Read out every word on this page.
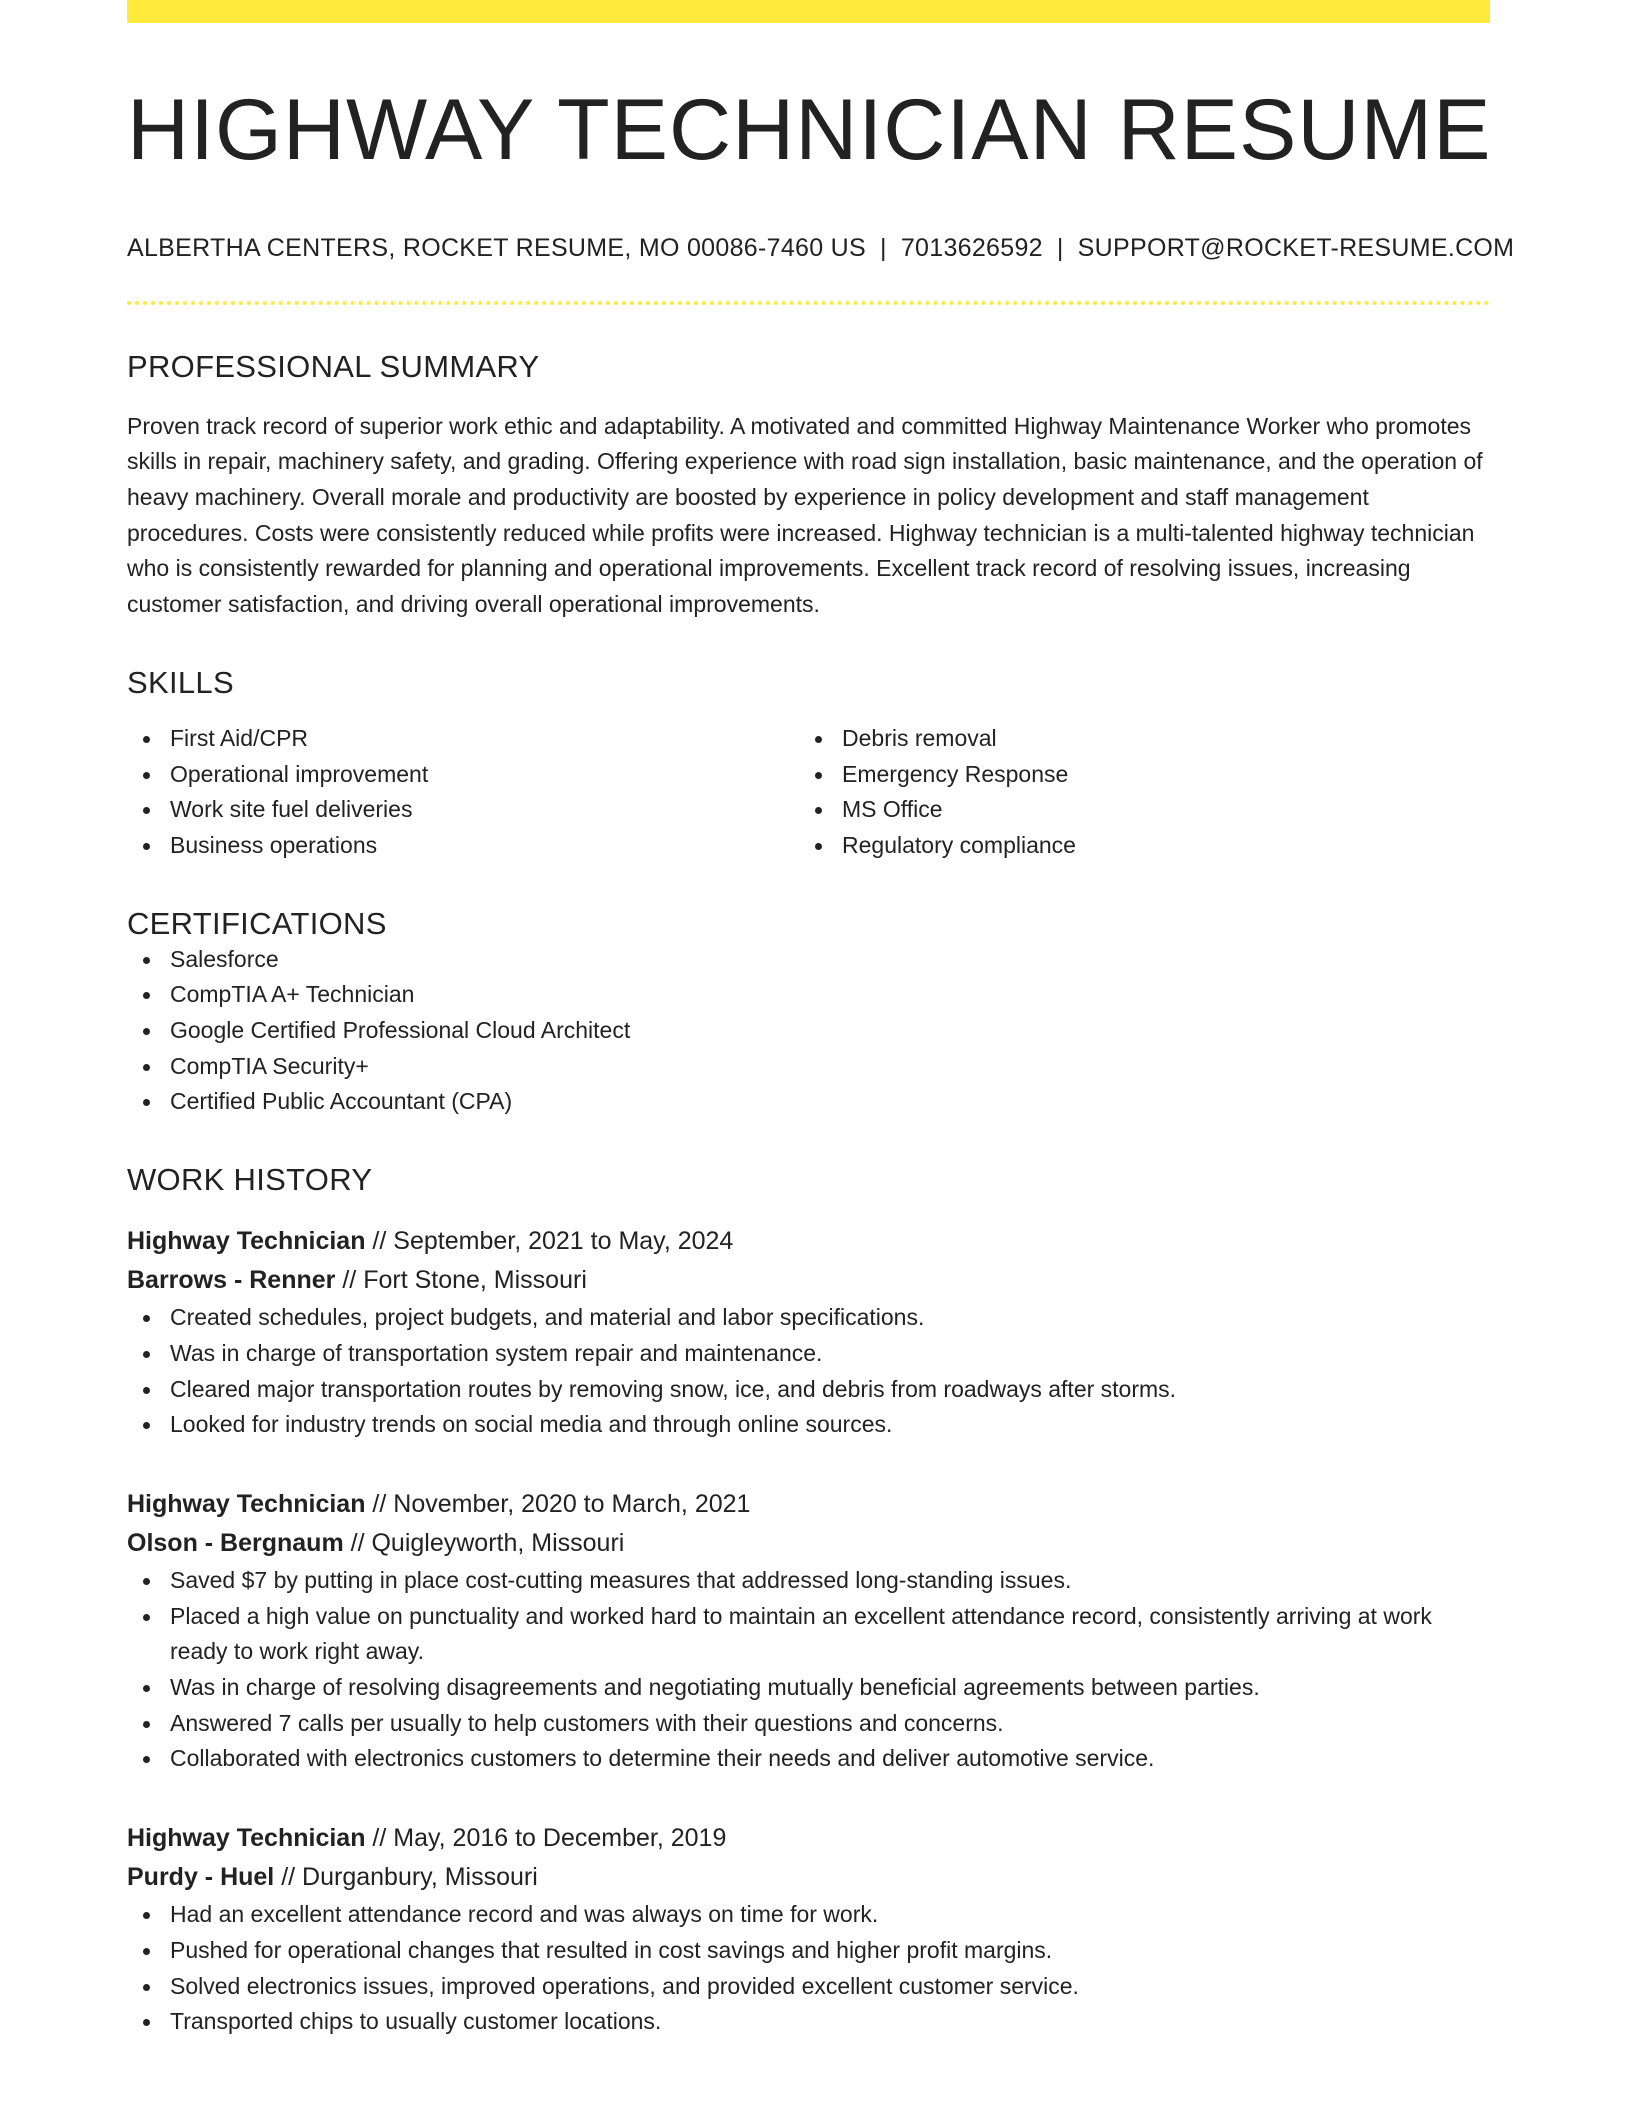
HIGHWAY TECHNICIAN RESUME
ALBERTHA CENTERS, ROCKET RESUME, MO 00086-7460 US | 7013626592 | SUPPORT@ROCKET-RESUME.COM
PROFESSIONAL SUMMARY
Proven track record of superior work ethic and adaptability. A motivated and committed Highway Maintenance Worker who promotes skills in repair, machinery safety, and grading. Offering experience with road sign installation, basic maintenance, and the operation of heavy machinery. Overall morale and productivity are boosted by experience in policy development and staff management procedures. Costs were consistently reduced while profits were increased. Highway technician is a multi-talented highway technician who is consistently rewarded for planning and operational improvements. Excellent track record of resolving issues, increasing customer satisfaction, and driving overall operational improvements.
SKILLS
First Aid/CPR
Operational improvement
Work site fuel deliveries
Business operations
Debris removal
Emergency Response
MS Office
Regulatory compliance
CERTIFICATIONS
Salesforce
CompTIA A+ Technician
Google Certified Professional Cloud Architect
CompTIA Security+
Certified Public Accountant (CPA)
WORK HISTORY
Highway Technician // September, 2021 to May, 2024
Barrows - Renner // Fort Stone, Missouri
Created schedules, project budgets, and material and labor specifications.
Was in charge of transportation system repair and maintenance.
Cleared major transportation routes by removing snow, ice, and debris from roadways after storms.
Looked for industry trends on social media and through online sources.
Highway Technician // November, 2020 to March, 2021
Olson - Bergnaum // Quigleyworth, Missouri
Saved $7 by putting in place cost-cutting measures that addressed long-standing issues.
Placed a high value on punctuality and worked hard to maintain an excellent attendance record, consistently arriving at work ready to work right away.
Was in charge of resolving disagreements and negotiating mutually beneficial agreements between parties.
Answered 7 calls per usually to help customers with their questions and concerns.
Collaborated with electronics customers to determine their needs and deliver automotive service.
Highway Technician // May, 2016 to December, 2019
Purdy - Huel // Durganbury, Missouri
Had an excellent attendance record and was always on time for work.
Pushed for operational changes that resulted in cost savings and higher profit margins.
Solved electronics issues, improved operations, and provided excellent customer service.
Transported chips to usually customer locations.
